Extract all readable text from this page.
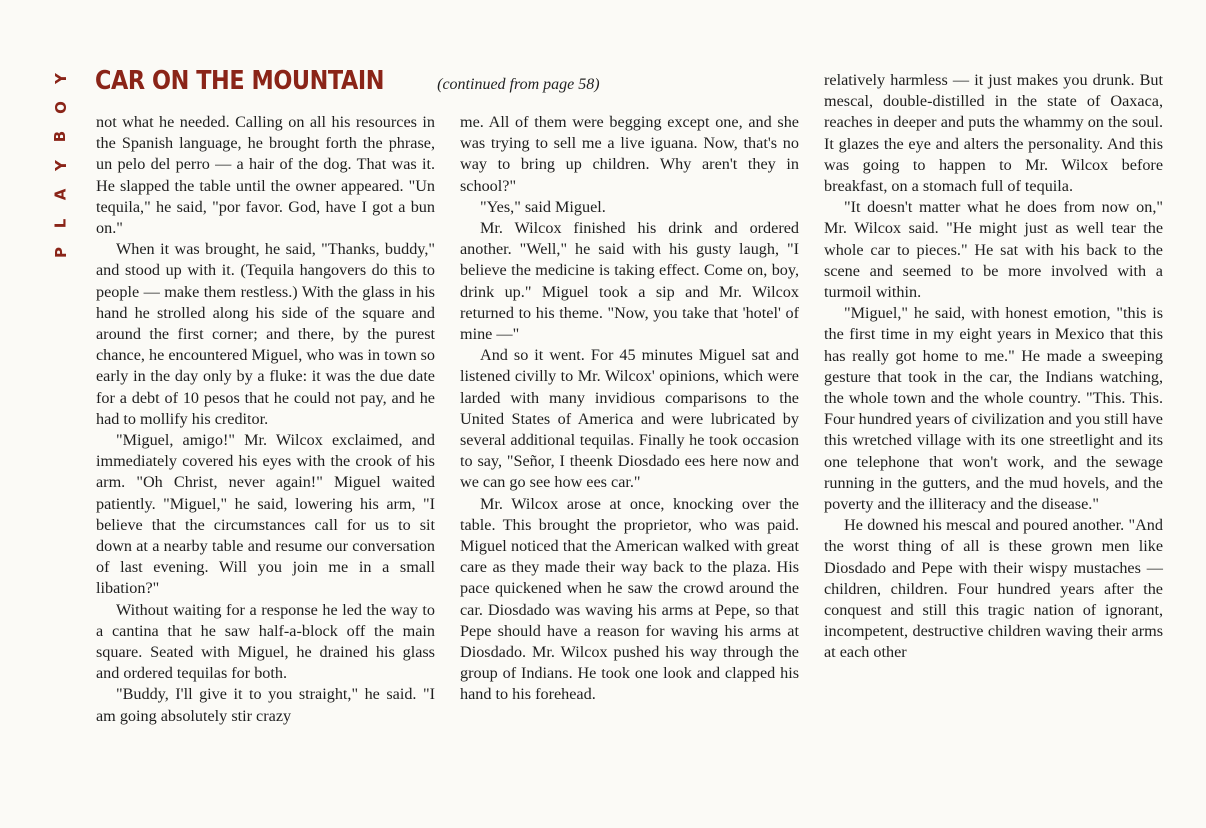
Y
O
B
Y
A
L
P
CAR ON THE MOUNTAIN	(continued from page 58)

not what he needed. Calling on all his resources in the Spanish language, he brought forth the phrase, un pelo del perro — a hair of the dog. That was it. He slapped the table until the owner appeared. "Un tequila," he said, "por favor. God, have I got a bun on."

When it was brought, he said, "Thanks, buddy," and stood up with it. (Tequila hangovers do this to people — make them restless.) With the glass in his hand he strolled along his side of the square and around the first corner; and there, by the purest chance, he encountered Miguel, who was in town so early in the day only by a fluke: it was the due date for a debt of 10 pesos that he could not pay, and he had to mollify his creditor.

"Miguel, amigo!" Mr. Wilcox exclaimed, and immediately covered his eyes with the crook of his arm. "Oh Christ, never again!" Miguel waited patiently. "Miguel," he said, lowering his arm, "I believe that the circumstances call for us to sit down at a nearby table and resume our conversation of last evening. Will you join me in a small libation?"

Without waiting for a response he led the way to a cantina that he saw half-a-block off the main square. Seated with Miguel, he drained his glass and ordered tequilas for both.

"Buddy, I'll give it to you straight," he said. "I am going absolutely stir crazy

me. All of them were begging except one, and she was trying to sell me a live iguana. Now, that's no way to bring up children. Why aren't they in school?"

"Yes," said Miguel.

Mr. Wilcox finished his drink and ordered another. "Well," he said with his gusty laugh, "I believe the medicine is taking effect. Come on, boy, drink up." Miguel took a sip and Mr. Wilcox returned to his theme. "Now, you take that 'hotel' of mine —"

And so it went. For 45 minutes Miguel sat and listened civilly to Mr. Wilcox' opinions, which were larded with many invidious comparisons to the United States of America and were lubricated by several additional tequilas. Finally he took occasion to say, "Señor, I theenk Diosdado ees here now and we can go see how ees car."

Mr. Wilcox arose at once, knocking over the table. This brought the proprietor, who was paid. Miguel noticed that the American walked with great care as they made their way back to the plaza. His pace quickened when he saw the crowd around the car. Diosdado was waving his arms at Pepe, so that Pepe should have a reason for waving his arms at Diosdado. Mr. Wilcox pushed his way through the group of Indians. He took one look and clapped his hand to his forehead.

relatively harmless — it just makes you drunk. But mescal, double-distilled in the state of Oaxaca, reaches in deeper and puts the whammy on the soul. It glazes the eye and alters the personality. And this was going to happen to Mr. Wilcox before breakfast, on a stomach full of tequila.

"It doesn't matter what he does from now on," Mr. Wilcox said. "He might just as well tear the whole car to pieces." He sat with his back to the scene and seemed to be more involved with a turmoil within.

"Miguel," he said, with honest emotion, "this is the first time in my eight years in Mexico that this has really got home to me." He made a sweeping gesture that took in the car, the Indians watching, the whole town and the whole country. "This. This. Four hundred years of civilization and you still have this wretched village with its one streetlight and its one telephone that won't work, and the sewage running in the gutters, and the mud hovels, and the poverty and the illiteracy and the disease."

He downed his mescal and poured another. "And the worst thing of all is these grown men like Diosdado and Pepe with their wispy mustaches — children, children. Four hundred years after the conquest and still this tragic nation of ignorant, incompetent, destructive children waving their arms at each other
